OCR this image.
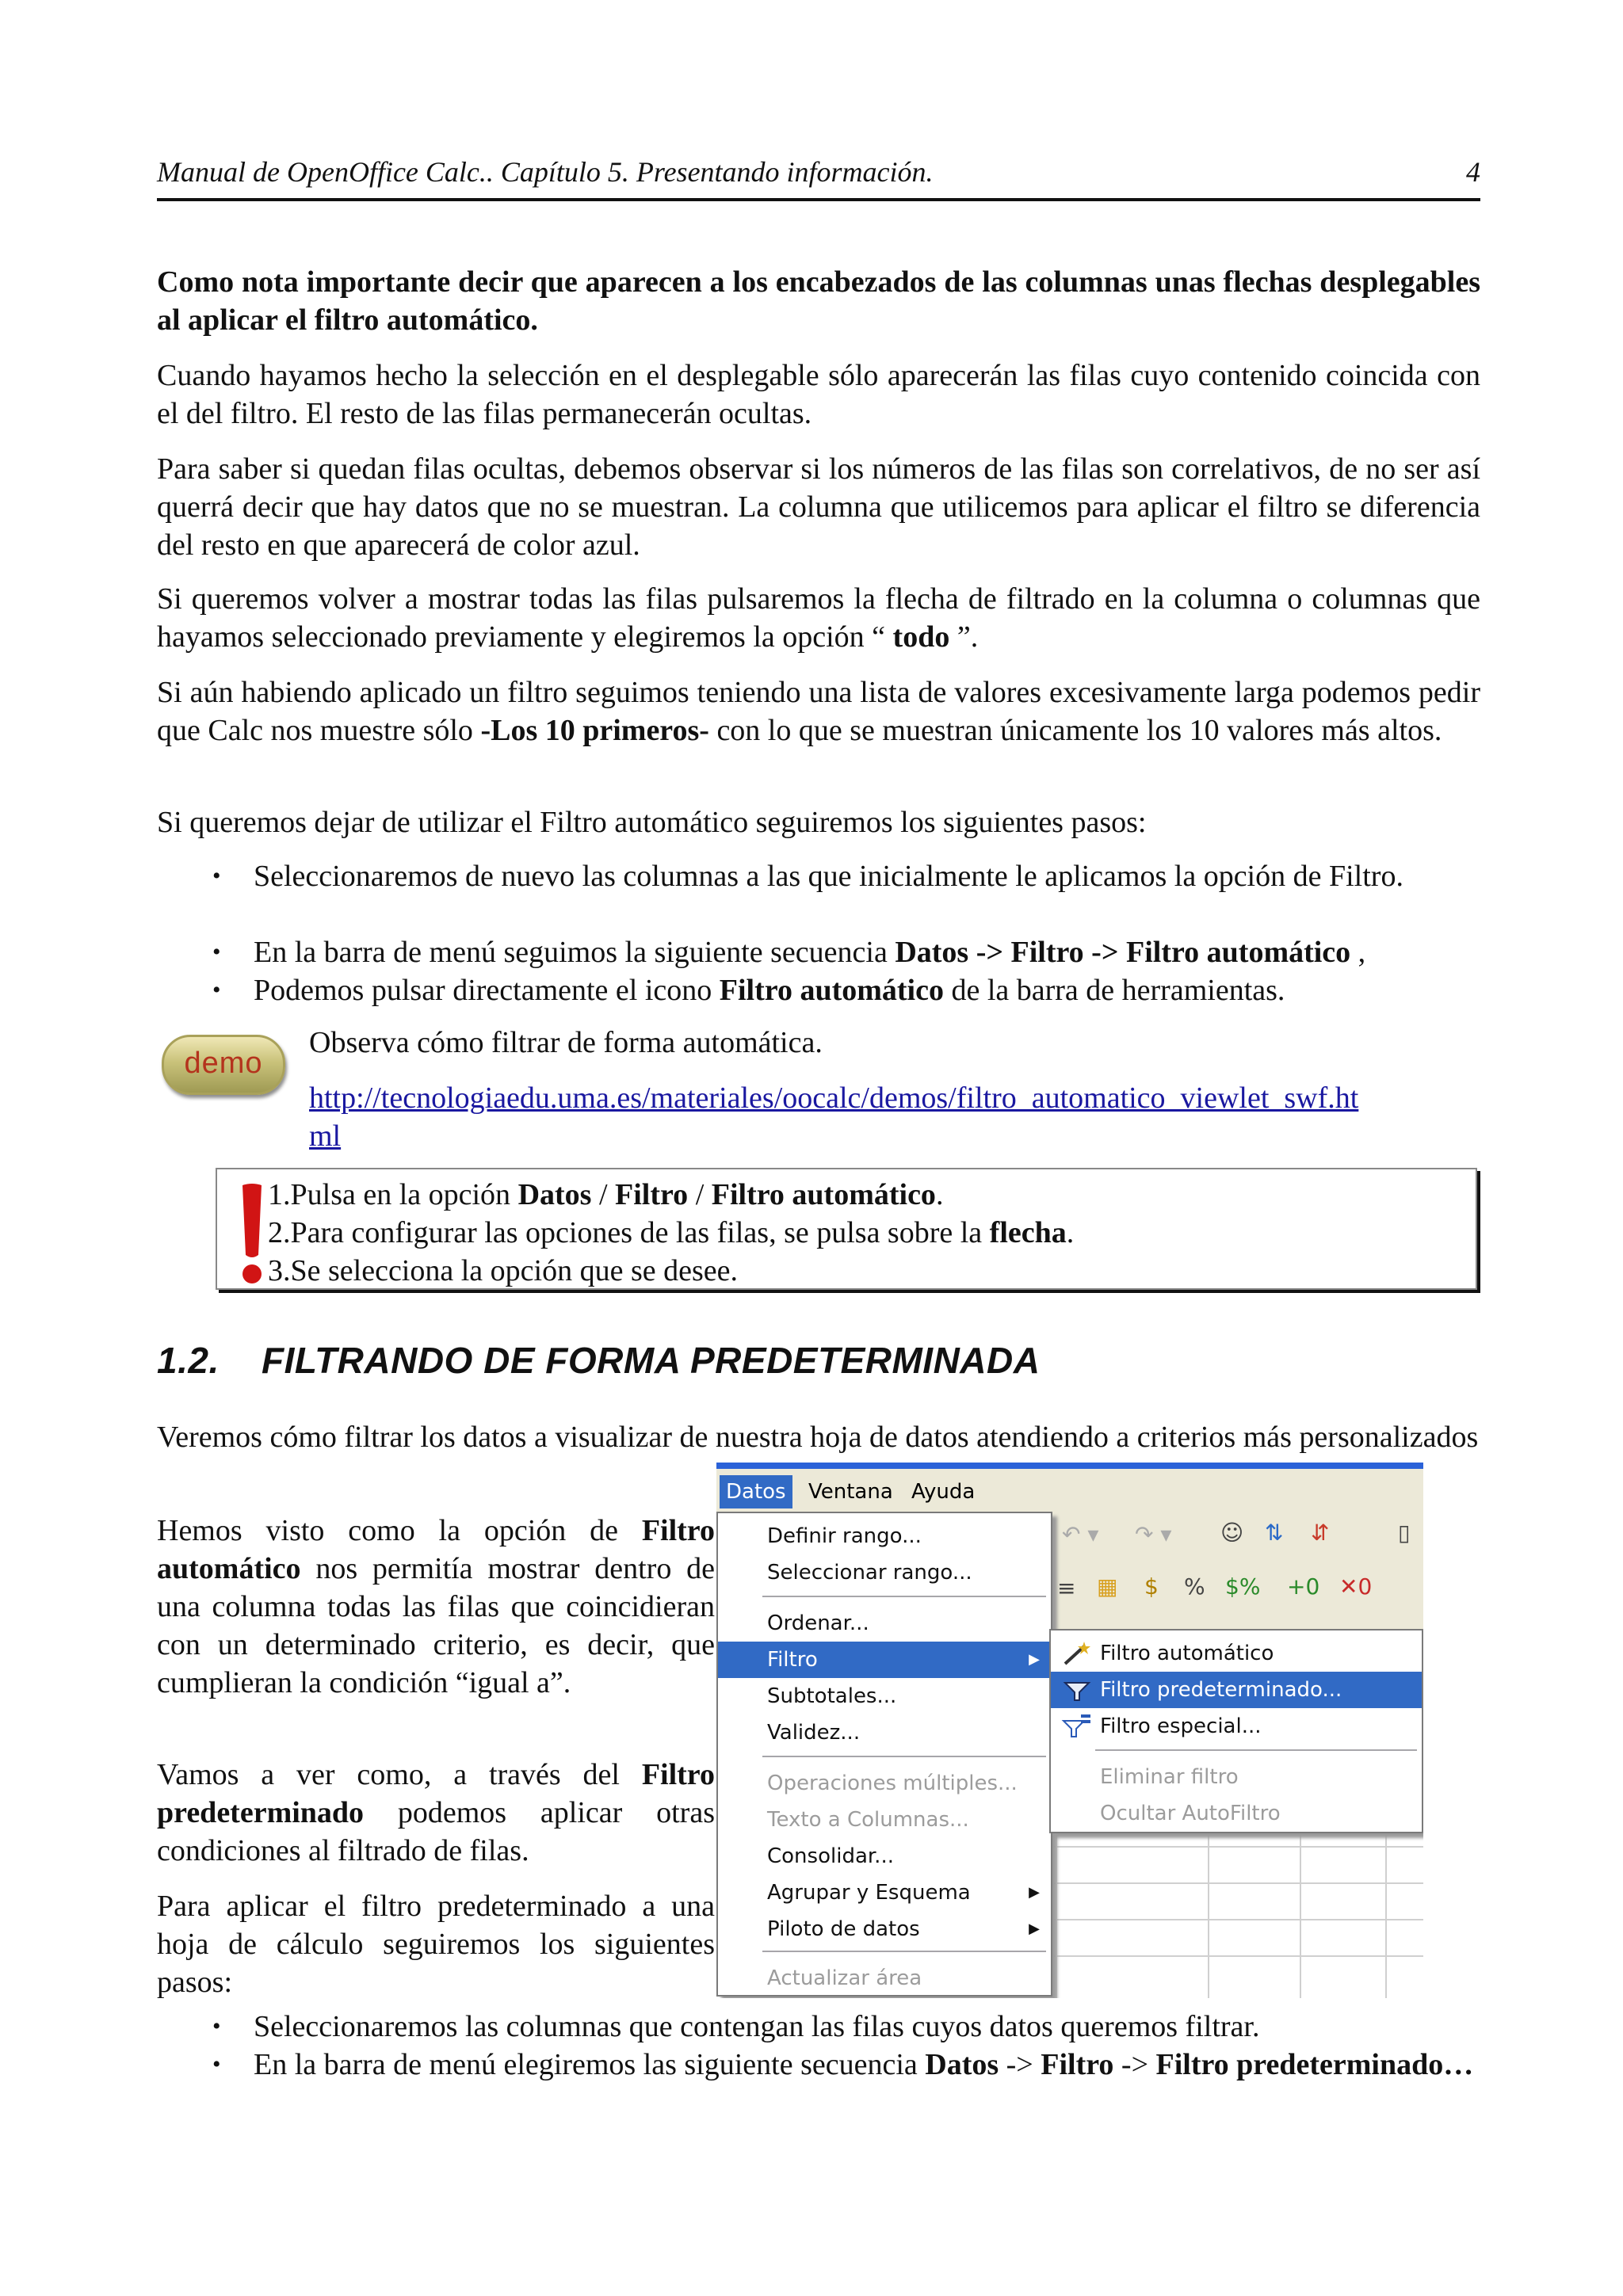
Manual de OpenOffice Calc.. Capítulo 5. Presentando información.	4

Como nota importante decir que aparecen a los encabezados de las columnas unas flechas desplegables al aplicar el filtro automático.

Cuando hayamos hecho la selección en el desplegable sólo aparecerán las filas cuyo contenido coincida con el del filtro. El resto de las filas permanecerán ocultas.

Para saber si quedan filas ocultas, debemos observar si los números de las filas son correlativos, de no ser así querrá decir que hay datos que no se muestran. La columna que utilicemos para aplicar el filtro se diferencia del resto en que aparecerá de color azul.

Si queremos volver a mostrar todas las filas pulsaremos la flecha de filtrado en la columna o columnas que hayamos seleccionado previamente y elegiremos la opción “ todo ”.

Si aún habiendo aplicado un filtro seguimos teniendo una lista de valores excesivamente larga podemos pedir que Calc nos muestre sólo -Los 10 primeros- con lo que se muestran únicamente los 10 valores más altos.

Si queremos dejar de utilizar el Filtro automático seguiremos los siguientes pasos:

• Seleccionaremos de nuevo las columnas a las que inicialmente le aplicamos la opción de Filtro.
• En la barra de menú seguimos la siguiente secuencia Datos -> Filtro -> Filtro automático ,
• Podemos pulsar directamente el icono Filtro automático de la barra de herramientas.
demo

Observa cómo filtrar de forma automática.

http://tecnologiaedu.uma.es/materiales/oocalc/demos/filtro_automatico_viewlet_swf.ht
ml

1.Pulsa en la opción Datos / Filtro / Filtro automático.
2.Para configurar las opciones de las filas, se pulsa sobre la flecha.
3.Se selecciona la opción que se desee.
1.2. FILTRANDO DE FORMA PREDETERMINADA

Veremos cómo filtrar los datos a visualizar de nuestra hoja de datos atendiendo a criterios más personalizados

Hemos visto como la opción de Filtro automático nos permitía mostrar dentro de una columna todas las filas que coincidieran con un determinado criterio, es decir, que cumplieran la condición “igual a”.

Vamos a ver como, a través del Filtro predeterminado podemos aplicar otras condiciones al filtrado de filas.

Para aplicar el filtro predeterminado a una hoja de cálculo seguiremos los siguientes pasos:

• Seleccionaremos las columnas que contengan las filas cuyos datos queremos filtrar.
• En la barra de menú elegiremos las siguiente secuencia Datos -> Filtro -> Filtro predeterminado…
Datos	Ventana Ayuda
↶ ▾ ↷ ▾ ☺ ⇅ ⇵	▯
≡ ▦ $ % $% +0 ✕0
Definir rango...
Seleccionar rango...
Ordenar...
Filtro	▶
Subtotales...
Validez...
Operaciones múltiples...
Texto a Columnas...
Consolidar...
Agrupar y Esquema	▶
Piloto de datos	▶
Actualizar área
Filtro automático
Filtro predeterminado...
Filtro especial...
Eliminar filtro
Ocultar AutoFiltro
